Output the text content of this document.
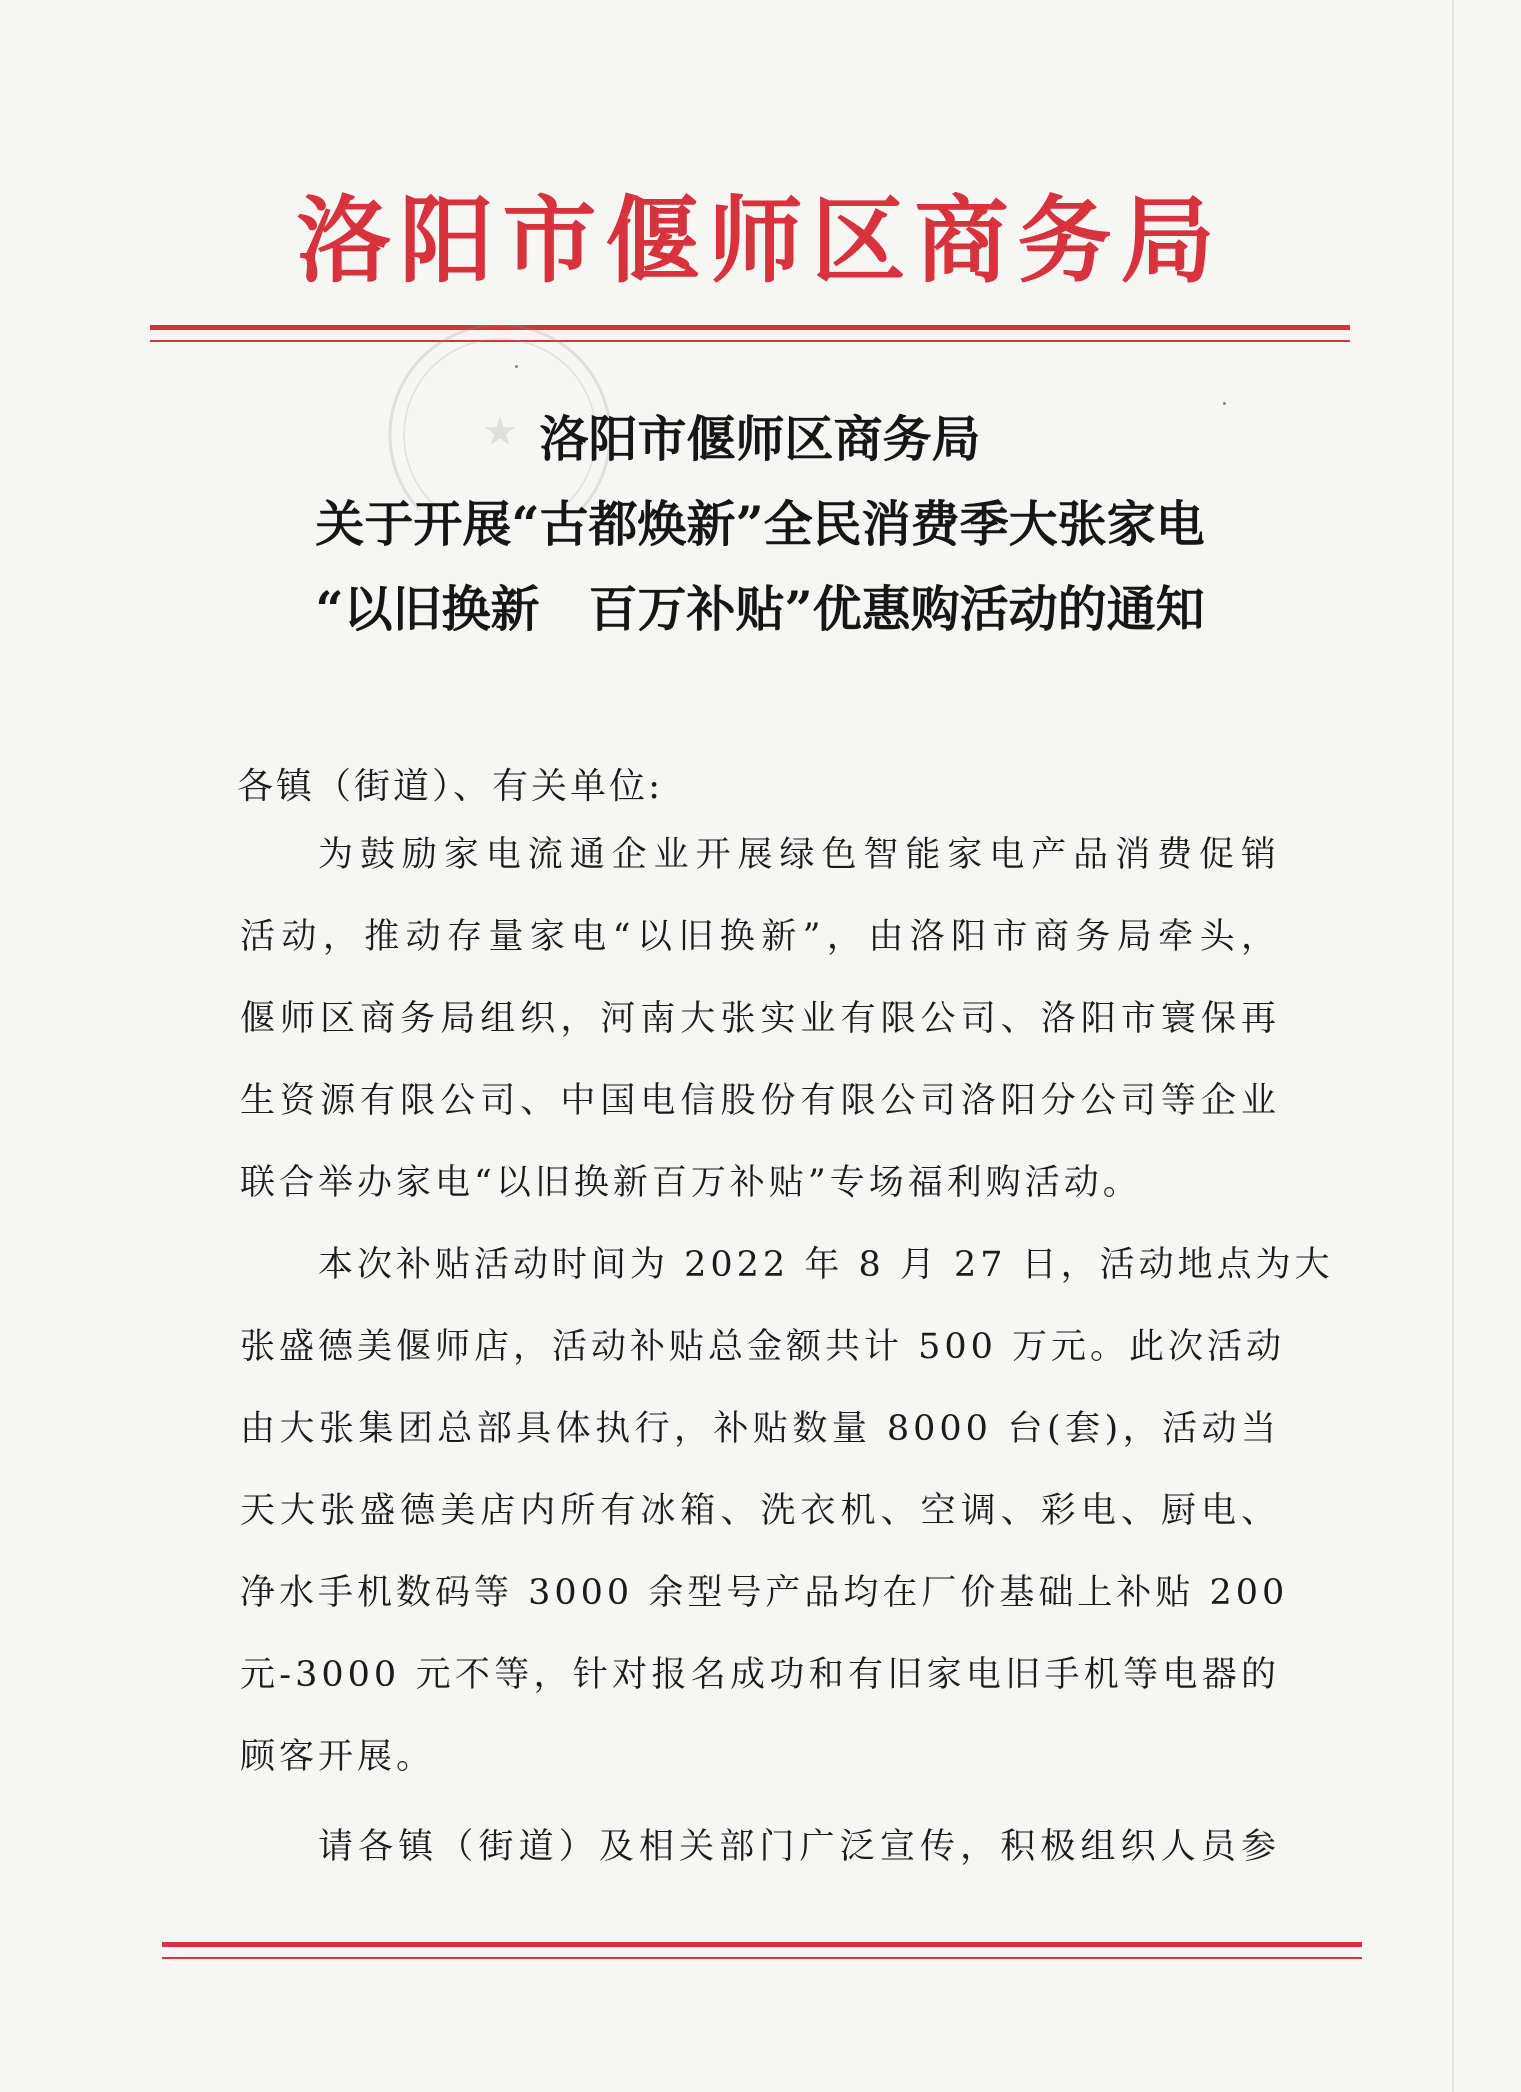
洛阳市偃师区商务局
★ 洛阳市偃师区商务局
关于开展“古都焕新”全民消费季大张家电
“以旧换新　百万补贴”优惠购活动的通知
各镇（街道）、有关单位:
为鼓励家电流通企业开展绿色智能家电产品消费促销
活动，推动存量家电“以旧换新”，由洛阳市商务局牵头，
偃师区商务局组织，河南大张实业有限公司、洛阳市寰保再
生资源有限公司、中国电信股份有限公司洛阳分公司等企业
联合举办家电“以旧换新百万补贴”专场福利购活动。
本次补贴活动时间为 2022 年 8 月 27 日，活动地点为大
张盛德美偃师店，活动补贴总金额共计 500 万元。此次活动
由大张集团总部具体执行，补贴数量 8000 台(套)，活动当
天大张盛德美店内所有冰箱、洗衣机、空调、彩电、厨电、
净水手机数码等 3000 余型号产品均在厂价基础上补贴 200
元-3000 元不等，针对报名成功和有旧家电旧手机等电器的
顾客开展。
请各镇（街道）及相关部门广泛宣传，积极组织人员参
